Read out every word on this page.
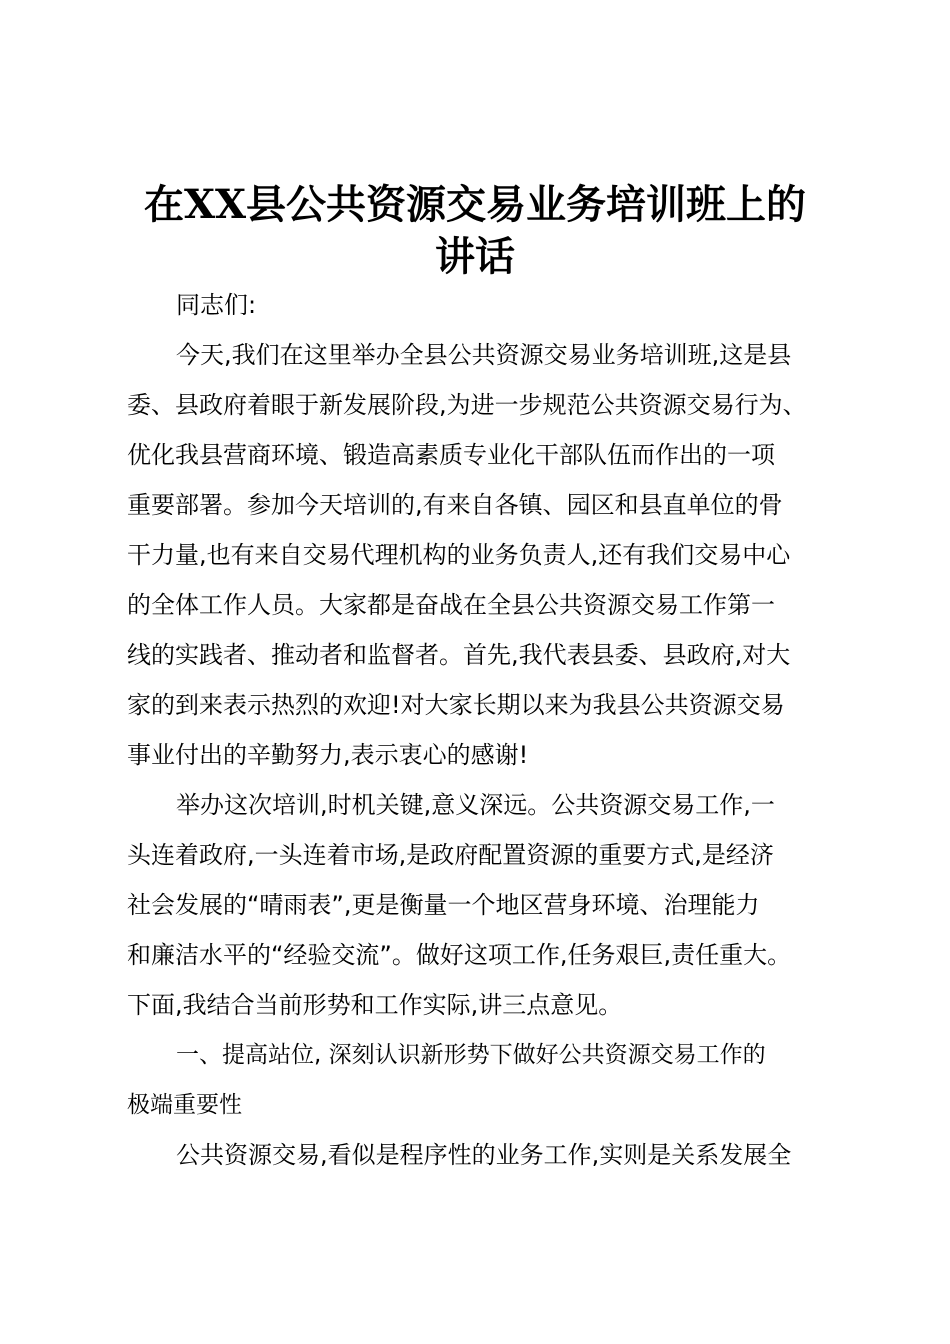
在XX县公共资源交易业务培训班上的
讲话

同志们:

今天,我们在这里举办全县公共资源交易业务培训班,这是县

委、县政府着眼于新发展阶段,为进一步规范公共资源交易行为、

优化我县营商环境、锻造高素质专业化干部队伍而作出的一项

重要部署。参加今天培训的,有来自各镇、园区和县直单位的骨

干力量,也有来自交易代理机构的业务负责人,还有我们交易中心

的全体工作人员。大家都是奋战在全县公共资源交易工作第一

线的实践者、推动者和监督者。首先,我代表县委、县政府,对大

家的到来表示热烈的欢迎!对大家长期以来为我县公共资源交易

事业付出的辛勤努力,表示衷心的感谢!

举办这次培训,时机关键,意义深远。公共资源交易工作,一

头连着政府,一头连着市场,是政府配置资源的重要方式,是经济

社会发展的“晴雨表”,更是衡量一个地区营身环境、治理能力

和廉洁水平的“经验交流”。做好这项工作,任务艰巨,责任重大。

下面,我结合当前形势和工作实际,讲三点意见。

一、提高站位, 深刻认识新形势下做好公共资源交易工作的

极端重要性

公共资源交易,看似是程序性的业务工作,实则是关系发展全
